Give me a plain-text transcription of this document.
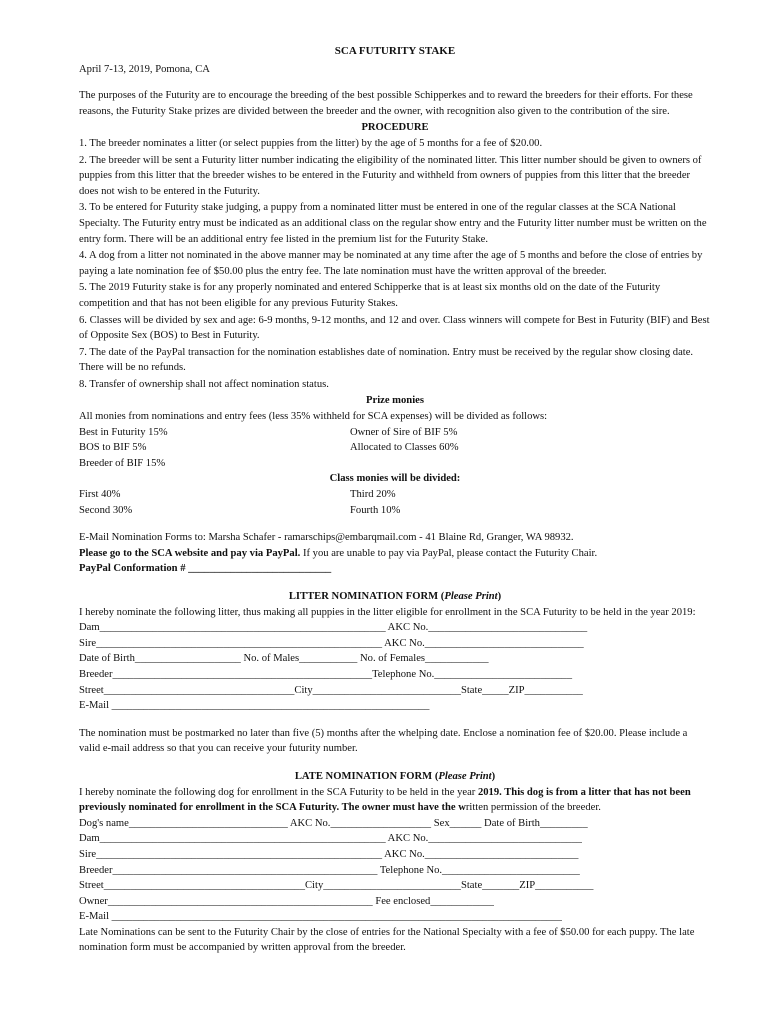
SCA FUTURITY STAKE

April 7-13, 2019, Pomona, CA

The purposes of the Futurity are to encourage the breeding of the best possible Schipperkes and to reward the breeders for their efforts. For these reasons, the Futurity Stake prizes are divided between the breeder and the owner, with recognition also given to the contribution of the sire.

PROCEDURE

1. The breeder nominates a litter (or select puppies from the litter) by the age of 5 months for a fee of $20.00.

2. The breeder will be sent a Futurity litter number indicating the eligibility of the nominated litter. This litter number should be given to owners of puppies from this litter that the breeder wishes to be entered in the Futurity and withheld from owners of puppies from this litter that the breeder does not wish to be entered in the Futurity.

3. To be entered for Futurity stake judging, a puppy from a nominated litter must be entered in one of the regular classes at the SCA National Specialty. The Futurity entry must be indicated as an additional class on the regular show entry and the Futurity litter number must be written on the entry form. There will be an additional entry fee listed in the premium list for the Futurity Stake.

4. A dog from a litter not nominated in the above manner may be nominated at any time after the age of 5 months and before the close of entries by paying a late nomination fee of $50.00 plus the entry fee. The late nomination must have the written approval of the breeder.

5. The 2019 Futurity stake is for any properly nominated and entered Schipperke that is at least six months old on the date of the Futurity competition and that has not been eligible for any previous Futurity Stakes.

6. Classes will be divided by sex and age: 6-9 months, 9-12 months, and 12 and over. Class winners will compete for Best in Futurity (BIF) and Best of Opposite Sex (BOS) to Best in Futurity.

7. The date of the PayPal transaction for the nomination establishes date of nomination. Entry must be received by the regular show closing date. There will be no refunds.

8. Transfer of ownership shall not affect nomination status.

Prize monies

All monies from nominations and entry fees (less 35% withheld for SCA expenses) will be divided as follows:

Best in Futurity 15%

BOS to BIF 5%

Breeder of BIF 15%

Owner of Sire of BIF 5%

Allocated to Classes 60%

Class monies will be divided:

First 40%

Second 30%

Third 20%

Fourth 10%

E-Mail Nomination Forms to: Marsha Schafer - ramarschips@embarqmail.com - 41 Blaine Rd, Granger, WA 98932.

Please go to the SCA website and pay via PayPal. If you are unable to pay via PayPal, please contact the Futurity Chair.

PayPal Conformation # ___________________________

LITTER NOMINATION FORM (Please Print)

I hereby nominate the following litter, thus making all puppies in the litter eligible for enrollment in the SCA Futurity to be held in the year 2019:

Dam______________________________________________________ AKC No.______________________________

Sire______________________________________________________ AKC No.______________________________

Date of Birth____________________ No. of Males___________ No. of Females____________

Breeder_________________________________________________Telephone No.__________________________

Street____________________________________City____________________________State_____ZIP___________

E-Mail ____________________________________________________________

The nomination must be postmarked no later than five (5) months after the whelping date. Enclose a nomination fee of $20.00. Please include a valid e-mail address so that you can receive your futurity number.

LATE NOMINATION FORM (Please Print)

I hereby nominate the following dog for enrollment in the SCA Futurity to be held in the year 2019. This dog is from a litter that has not been previously nominated for enrollment in the SCA Futurity. The owner must have the written permission of the breeder.

Dog's name______________________________ AKC No.___________________ Sex______ Date of Birth_________

Dam______________________________________________________ AKC No._____________________________

Sire______________________________________________________ AKC No._____________________________

Breeder__________________________________________________ Telephone No.__________________________

Street______________________________________City__________________________State_______ZIP___________

Owner__________________________________________________ Fee enclosed____________

E-Mail _____________________________________________________________________________________

Late Nominations can be sent to the Futurity Chair by the close of entries for the National Specialty with a fee of $50.00 for each puppy. The late nomination form must be accompanied by written approval from the breeder.
